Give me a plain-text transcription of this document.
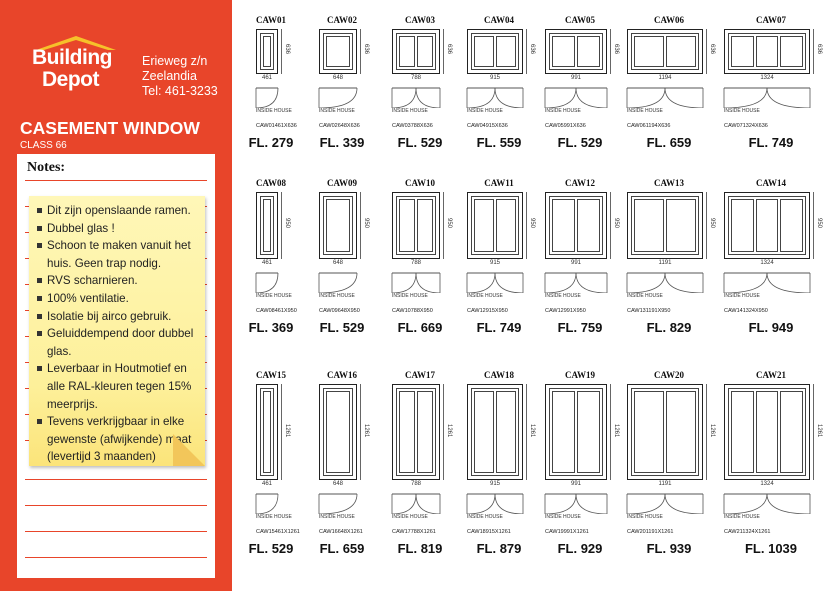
Building
Depot
Erieweg z/n
Zeelandia
Tel: 461-3233
CASEMENT WINDOW
CLASS 66
Notes:
Dit zijn openslaande ramen.
Dubbel glas !
Schoon te maken vanuit het huis. Geen trap nodig.
RVS scharnieren.
100% ventilatie.
Isolatie bij airco gebruik.
Geluiddempend door dubbel glas.
Leverbaar in Houtmotief en alle RAL-kleuren tegen 15% meerprijs.
Tevens verkrijgbaar in elke gewenste (afwijkende) maat (levertijd 3 maanden)
CAW01
636
461
INSIDE HOUSE
CAW01461X636
FL. 279
CAW02
636
648
INSIDE HOUSE
CAW02648X636
FL. 339
CAW03
636
788
INSIDE HOUSE
CAW03788X636
FL. 529
CAW04
636
915
INSIDE HOUSE
CAW04915X636
FL. 559
CAW05
636
991
INSIDE HOUSE
CAW05991X636
FL. 529
CAW06
636
1194
INSIDE HOUSE
CAW061194X636
FL. 659
CAW07
636
1324
INSIDE HOUSE
CAW071324X636
FL. 749
CAW08
950
461
INSIDE HOUSE
CAW08461X950
FL. 369
CAW09
950
648
INSIDE HOUSE
CAW09648X950
FL. 529
CAW10
950
788
INSIDE HOUSE
CAW10788X950
FL. 669
CAW11
950
915
INSIDE HOUSE
CAW12915X950
FL. 749
CAW12
950
991
INSIDE HOUSE
CAW12991X950
FL. 759
CAW13
950
1191
INSIDE HOUSE
CAW131191X950
FL. 829
CAW14
950
1324
INSIDE HOUSE
CAW141324X950
FL. 949
CAW15
1261
461
INSIDE HOUSE
CAW15461X1261
FL. 529
CAW16
1261
648
INSIDE HOUSE
CAW16648X1261
FL. 659
CAW17
1261
788
INSIDE HOUSE
CAW17788X1261
FL. 819
CAW18
1261
915
INSIDE HOUSE
CAW18915X1261
FL. 879
CAW19
1261
991
INSIDE HOUSE
CAW19991X1261
FL. 929
CAW20
1261
1191
INSIDE HOUSE
CAW201191X1261
FL. 939
CAW21
1261
1324
INSIDE HOUSE
CAW211324X1261
FL. 1039
